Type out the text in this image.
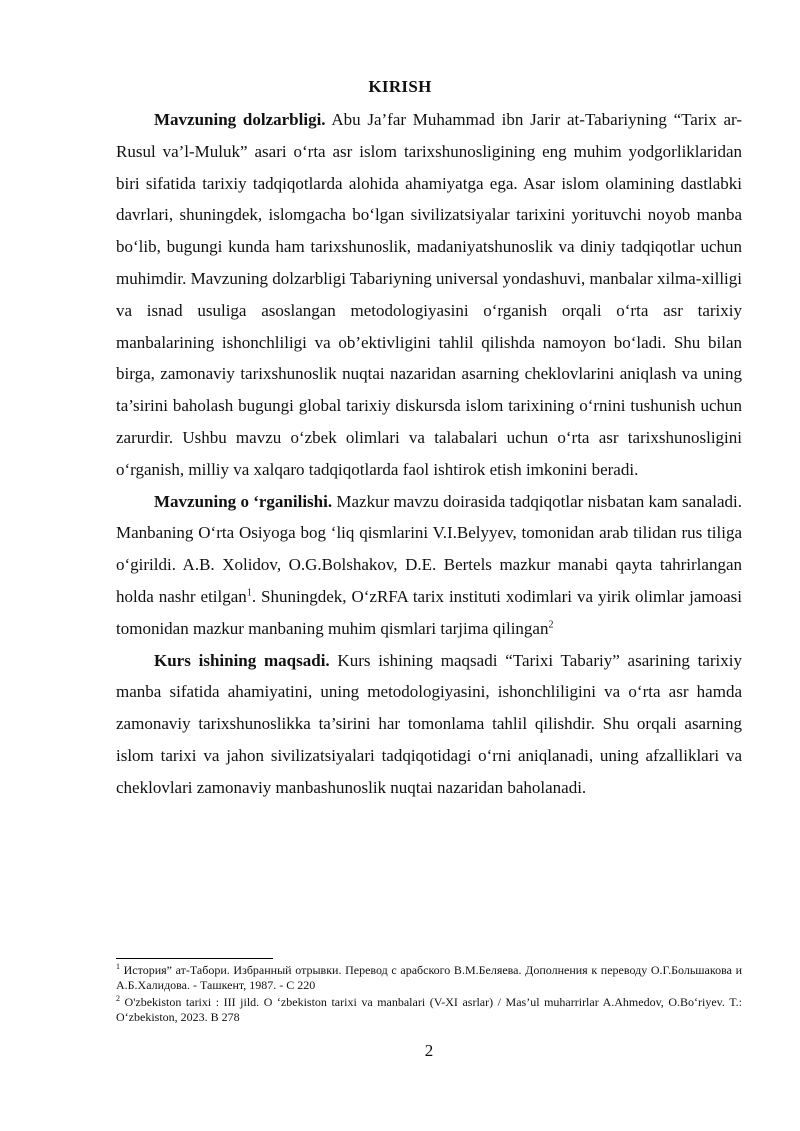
KIRISH

Mavzuning dolzarbligi. Abu Ja’far Muhammad ibn Jarir at-Tabariyning “Tarix ar-Rusul va’l-Muluk” asari o‘rta asr islom tarixshunosligining eng muhim yodgorliklaridan biri sifatida tarixiy tadqiqotlarda alohida ahamiyatga ega. Asar islom olamining dastlabki davrlari, shuningdek, islomgacha bo‘lgan sivilizatsiyalar tarixini yorituvchi noyob manba bo‘lib, bugungi kunda ham tarixshunoslik, madaniyatshunoslik va diniy tadqiqotlar uchun muhimdir. Mavzuning dolzarbligi Tabariyning universal yondashuvi, manbalar xilma-xilligi va isnad usuliga asoslangan metodologiyasini o‘rganish orqali o‘rta asr tarixiy manbalarining ishonchliligi va ob’ektivligini tahlil qilishda namoyon bo‘ladi. Shu bilan birga, zamonaviy tarixshunoslik nuqtai nazaridan asarning cheklovlarini aniqlash va uning ta’sirini baholash bugungi global tarixiy diskursda islom tarixining o‘rnini tushunish uchun zarurdir. Ushbu mavzu o‘zbek olimlari va talabalari uchun o‘rta asr tarixshunosligini o‘rganish, milliy va xalqaro tadqiqotlarda faol ishtirok etish imkonini beradi.

Mavzuning o ‘rganilishi. Mazkur mavzu doirasida tadqiqotlar nisbatan kam sanaladi. Manbaning O‘rta Osiyoga bog ‘liq qismlarini V.I.Belyyev, tomonidan arab tilidan rus tiliga o‘girildi. A.B. Xolidov, O.G.Bolshakov, D.E. Bertels mazkur manabi qayta tahrirlangan holda nashr etilgan$^1$. Shuningdek, O‘zRFA tarix instituti xodimlari va yirik olimlar jamoasi tomonidan mazkur manbaning muhim qismlari tarjima qilingan$^2$

Kurs ishining maqsadi. Kurs ishining maqsadi “Tarixi Tabariy” asarining tarixiy manba sifatida ahamiyatini, uning metodologiyasini, ishonchliligini va o‘rta asr hamda zamonaviy tarixshunoslikka ta’sirini har tomonlama tahlil qilishdir. Shu orqali asarning islom tarixi va jahon sivilizatsiyalari tadqiqotidagi o‘rni aniqlanadi, uning afzalliklari va cheklovlari zamonaviy manbashunoslik nuqtai nazaridan baholanadi.

$^1$ История” ат-Табори. Избранный отрывки. Перевод с арабского В.М.Беляева. Дополнения к переводу О.Г.Большакова и А.Б.Халидова. - Ташкент, 1987. - С 220

$^2$ O'zbekiston tarixi : III jild. O ‘zbekiston tarixi va manbalari (V-XI asrlar) / Mas’ul muharrirlar A.Ahmedov, O.Bo‘riyev. T.: O‘zbekiston, 2023. B 278

2
